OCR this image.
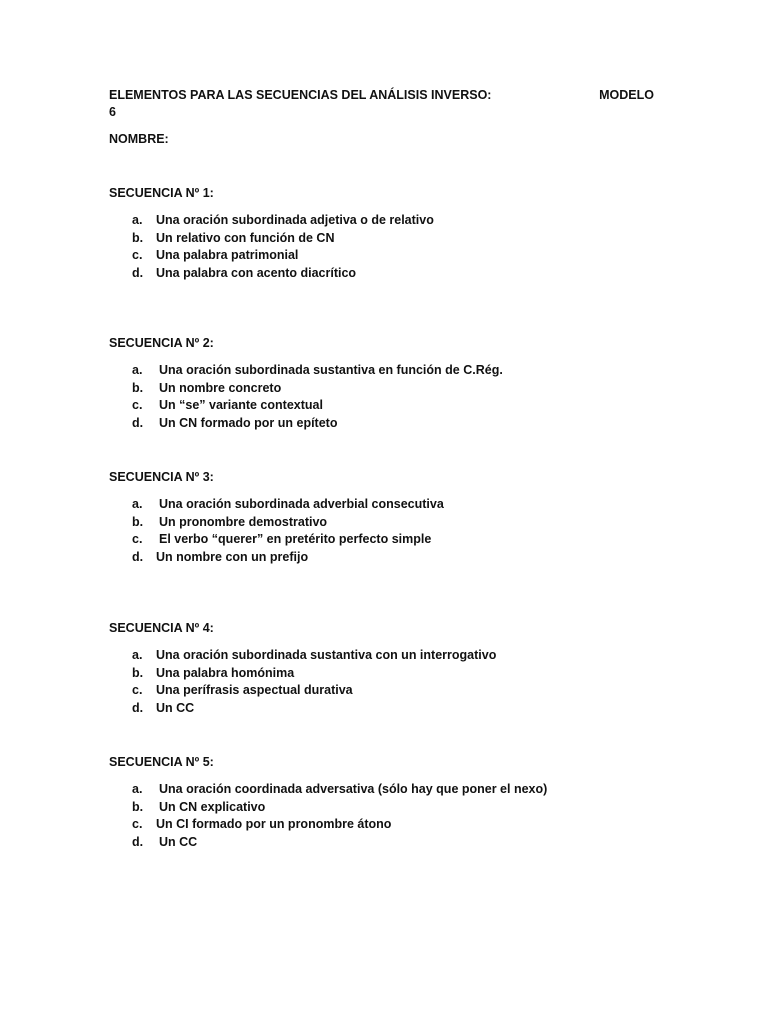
ELEMENTOS PARA LAS SECUENCIAS DEL ANÁLISIS INVERSO:	MODELO
6
NOMBRE:
SECUENCIA Nº 1:
a. Una oración subordinada adjetiva o de relativo
b. Un relativo con función de CN
c. Una palabra patrimonial
d. Una palabra con acento diacrítico
SECUENCIA Nº 2:
a. Una oración subordinada sustantiva en función de C.Rég.
b. Un nombre concreto
c. Un “se” variante contextual
d. Un CN formado por un epíteto
SECUENCIA Nº 3:
a. Una oración subordinada adverbial consecutiva
b. Un pronombre demostrativo
c. El verbo “querer” en pretérito perfecto simple
d. Un nombre con un prefijo
SECUENCIA Nº 4:
a. Una oración subordinada sustantiva con un interrogativo
b. Una palabra homónima
c. Una perífrasis aspectual durativa
d. Un CC
SECUENCIA Nº 5:
a. Una oración coordinada adversativa (sólo hay que poner el nexo)
b. Un CN explicativo
c. Un CI formado por un pronombre átono
d. Un CC
